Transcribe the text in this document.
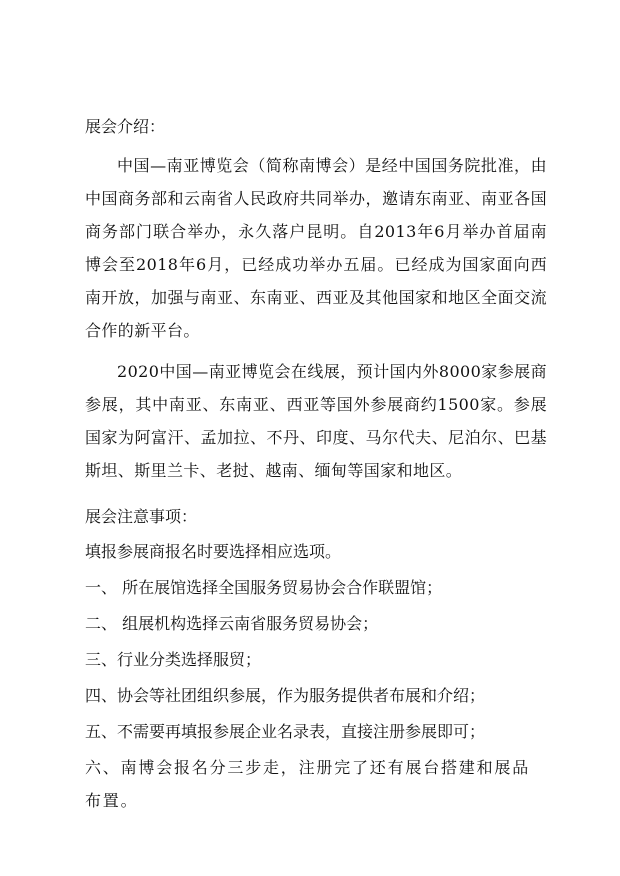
展会介绍：
中国—南亚博览会（简称南博会）是经中国国务院批准，由中国商务部和云南省人民政府共同举办，邀请东南亚、南亚各国商务部门联合举办，永久落户昆明。自2013年6月举办首届南博会至2018年6月，已经成功举办五届。已经成为国家面向西南开放，加强与南亚、东南亚、西亚及其他国家和地区全面交流合作的新平台。
2020中国—南亚博览会在线展，预计国内外8000家参展商参展，其中南亚、东南亚、西亚等国外参展商约1500家。参展国家为阿富汗、孟加拉、不丹、印度、马尔代夫、尼泊尔、巴基斯坦、斯里兰卡、老挝、越南、缅甸等国家和地区。
展会注意事项：
填报参展商报名时要选择相应选项。
一、 所在展馆选择全国服务贸易协会合作联盟馆；
二、 组展机构选择云南省服务贸易协会；
三、行业分类选择服贸；
四、协会等社团组织参展，作为服务提供者布展和介绍；
五、不需要再填报参展企业名录表，直接注册参展即可；
六、南博会报名分三步走，注册完了还有展台搭建和展品布置。
